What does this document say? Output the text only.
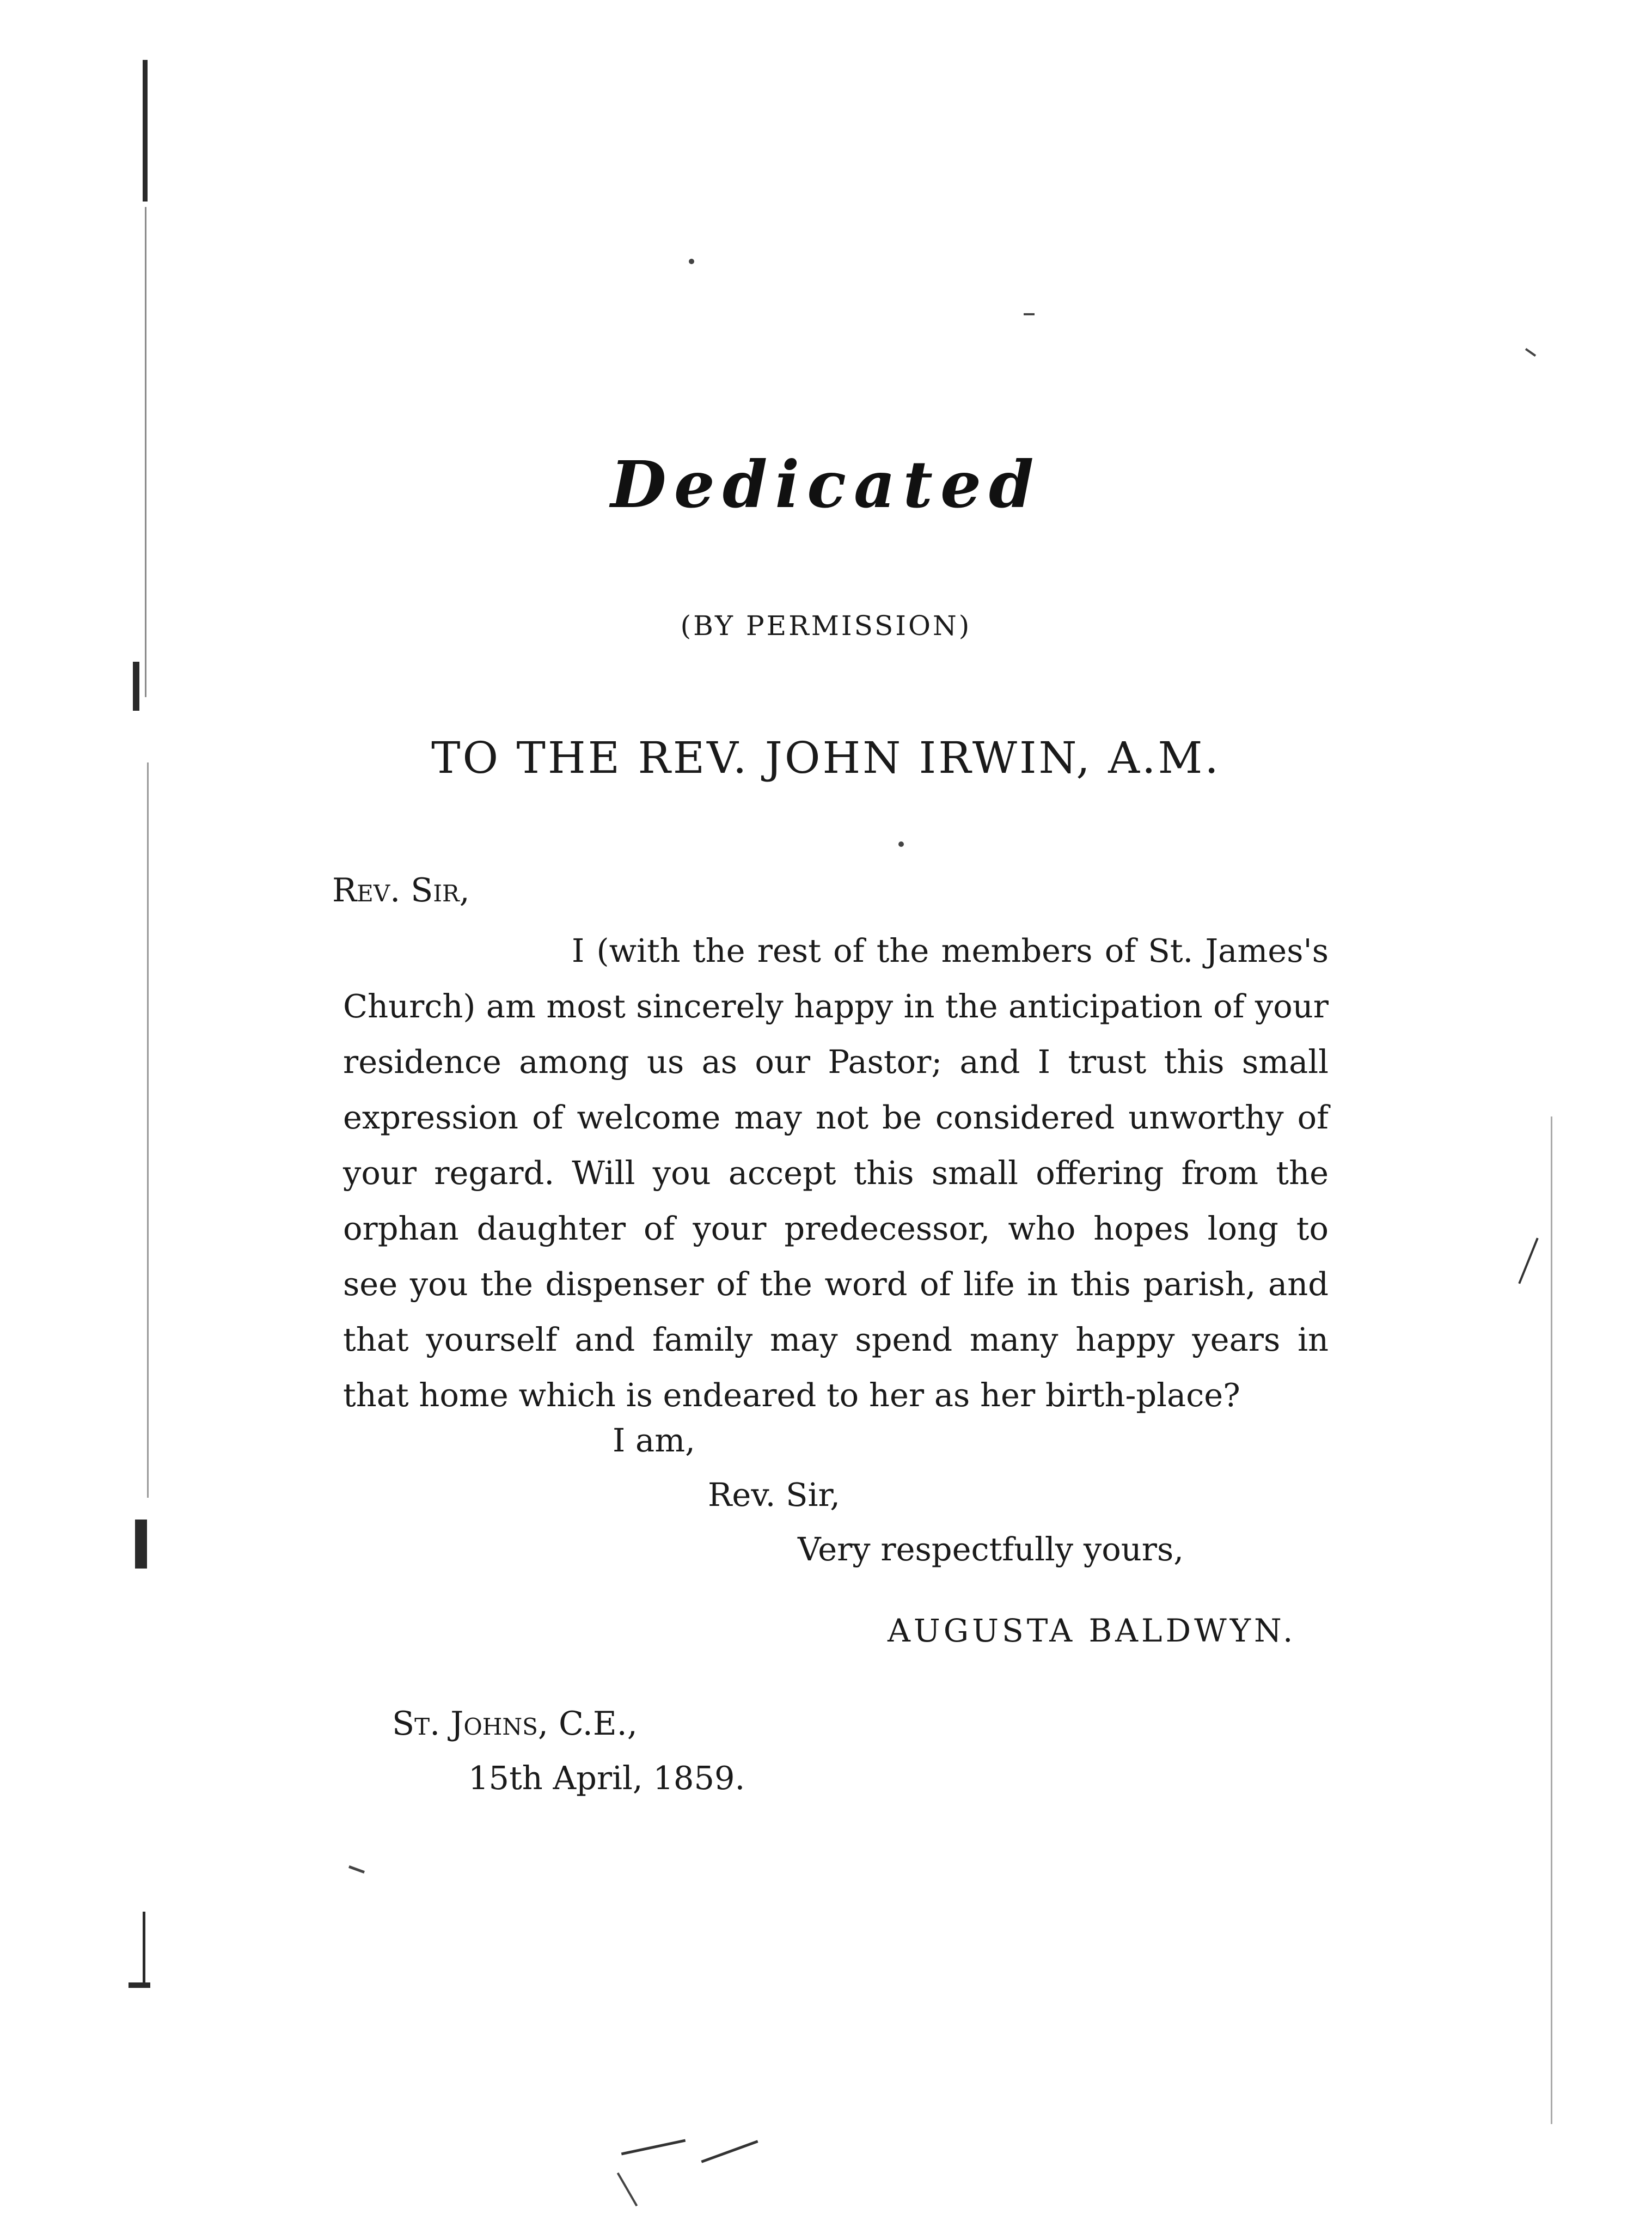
Dedicated
(BY PERMISSION)
TO THE REV. JOHN IRWIN, A.M.
Rev. Sir,

I (with the rest of the members of St. James's Church) am most sincerely happy in the anticipation of your residence among us as our Pastor; and I trust this small expression of welcome may not be considered unworthy of your regard. Will you accept this small offering from the orphan daughter of your predecessor, who hopes long to see you the dispenser of the word of life in this parish, and that yourself and family may spend many happy years in that home which is endeared to her as her birth-place?

I am,
Rev. Sir,
Very respectfully yours,
AUGUSTA BALDWYN.
St. Johns, C.E.,
15th April, 1859.
